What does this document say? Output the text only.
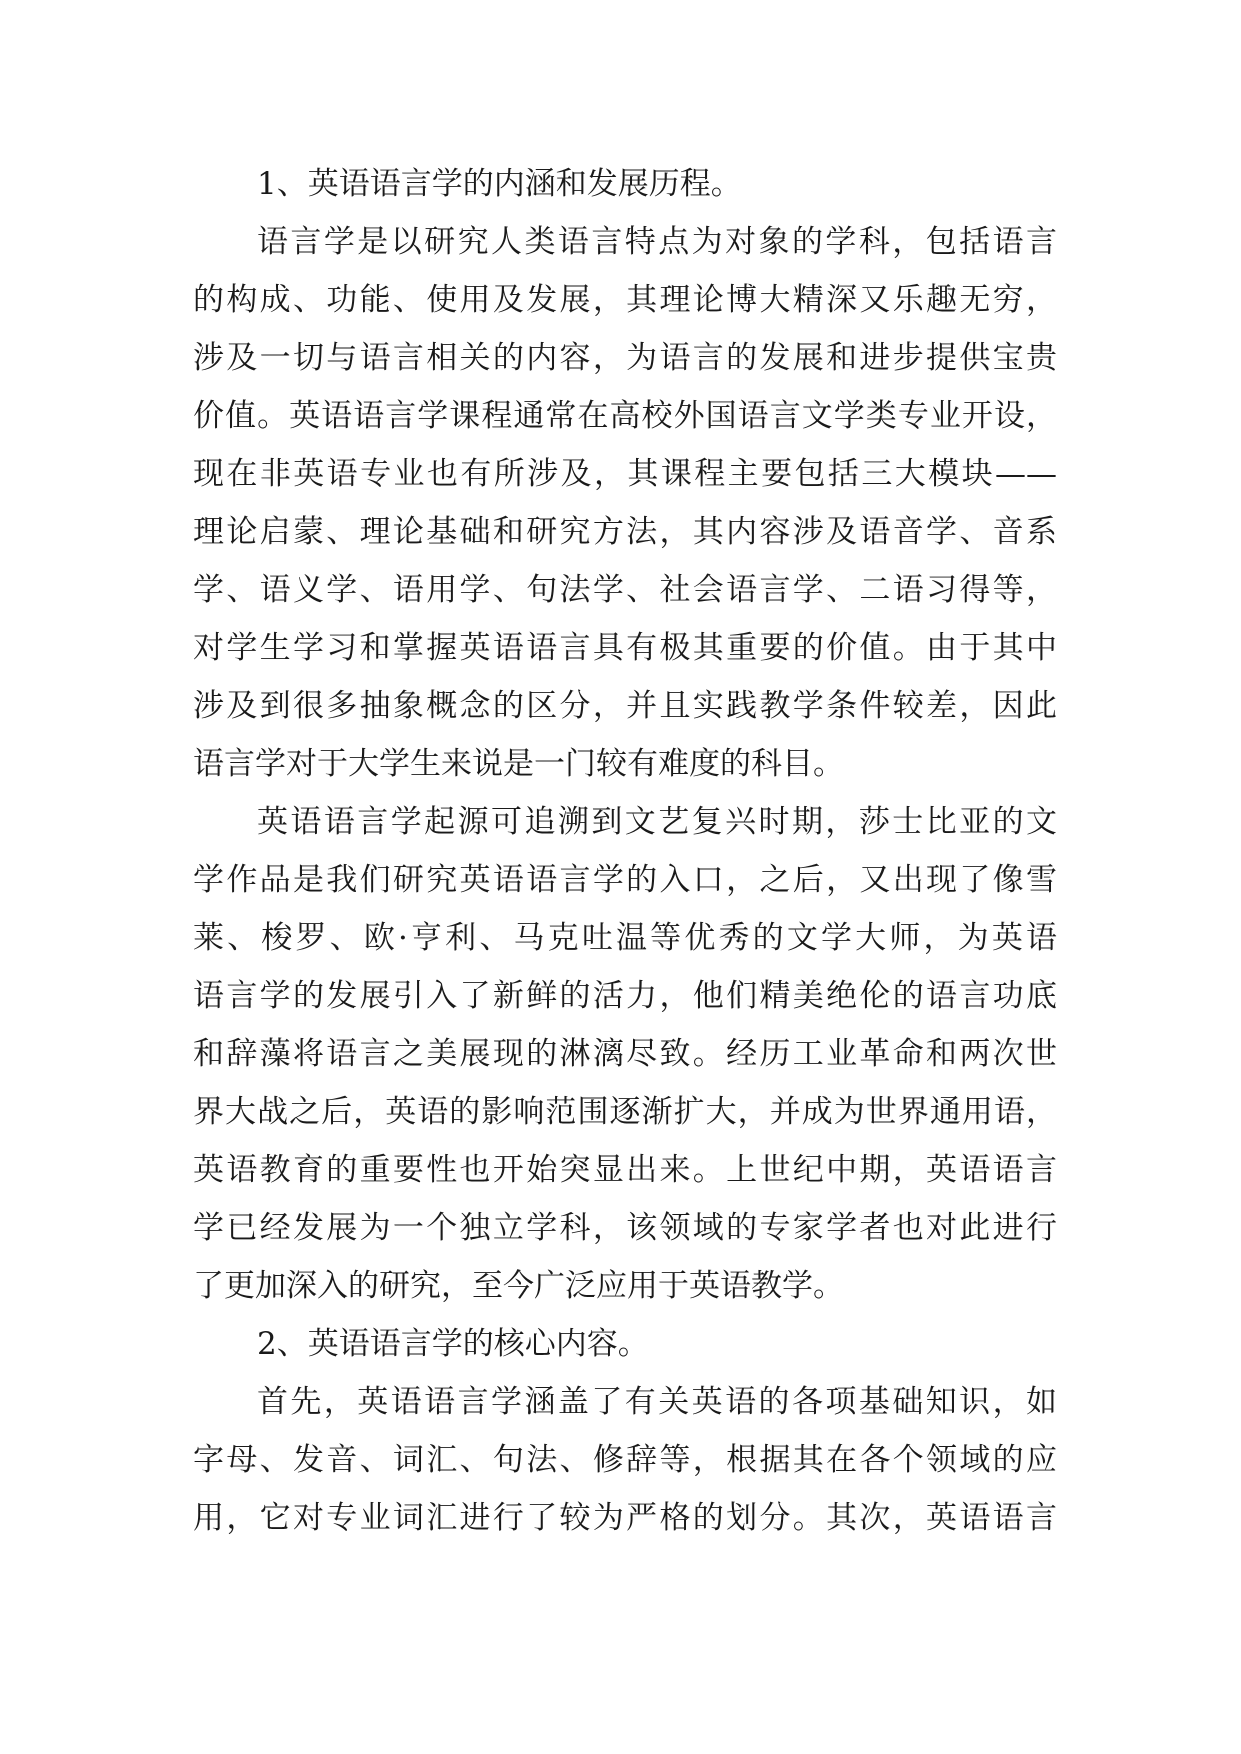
1、英语语言学的内涵和发展历程。
语言学是以研究人类语言特点为对象的学科，包括语言
的构成、功能、使用及发展，其理论博大精深又乐趣无穷，
涉及一切与语言相关的内容，为语言的发展和进步提供宝贵
价值。英语语言学课程通常在高校外国语言文学类专业开设，
现在非英语专业也有所涉及，其课程主要包括三大模块——
理论启蒙、理论基础和研究方法，其内容涉及语音学、音系
学、语义学、语用学、句法学、社会语言学、二语习得等，
对学生学习和掌握英语语言具有极其重要的价值。由于其中
涉及到很多抽象概念的区分，并且实践教学条件较差，因此
语言学对于大学生来说是一门较有难度的科目。
英语语言学起源可追溯到文艺复兴时期，莎士比亚的文
学作品是我们研究英语语言学的入口，之后，又出现了像雪
莱、梭罗、欧·亨利、马克吐温等优秀的文学大师，为英语
语言学的发展引入了新鲜的活力，他们精美绝伦的语言功底
和辞藻将语言之美展现的淋漓尽致。经历工业革命和两次世
界大战之后，英语的影响范围逐渐扩大，并成为世界通用语，
英语教育的重要性也开始突显出来。上世纪中期，英语语言
学已经发展为一个独立学科，该领域的专家学者也对此进行
了更加深入的研究，至今广泛应用于英语教学。
2、英语语言学的核心内容。
首先，英语语言学涵盖了有关英语的各项基础知识，如
字母、发音、词汇、句法、修辞等，根据其在各个领域的应
用，它对专业词汇进行了较为严格的划分。其次，英语语言
